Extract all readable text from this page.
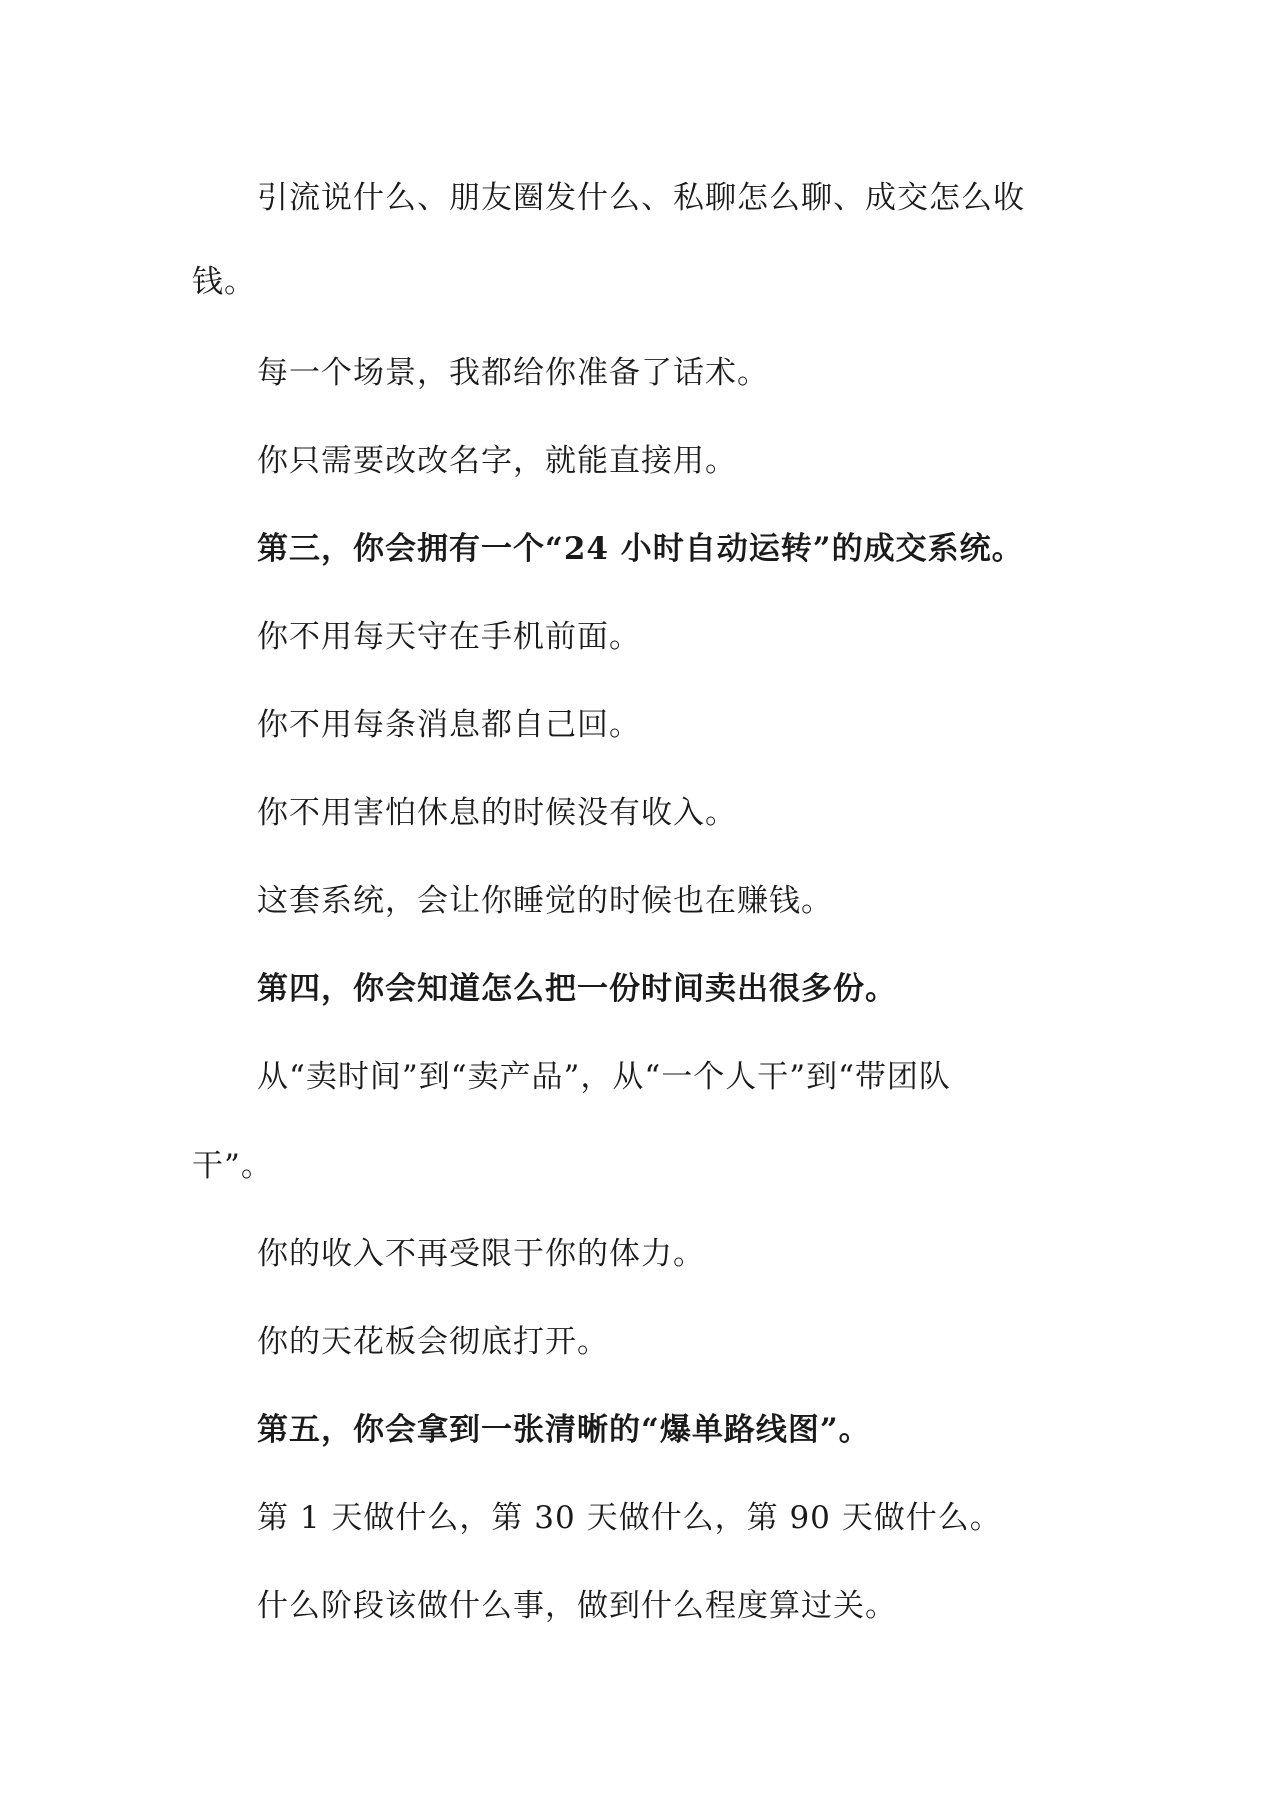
引流说什么、朋友圈发什么、私聊怎么聊、成交怎么收
钱。
每一个场景，我都给你准备了话术。
你只需要改改名字，就能直接用。
第三，你会拥有一个“24 小时自动运转”的成交系统。
你不用每天守在手机前面。
你不用每条消息都自己回。
你不用害怕休息的时候没有收入。
这套系统，会让你睡觉的时候也在赚钱。
第四，你会知道怎么把一份时间卖出很多份。
从“卖时间”到“卖产品”，从“一个人干”到“带团队
干”。
你的收入不再受限于你的体力。
你的天花板会彻底打开。
第五，你会拿到一张清晰的“爆单路线图”。
第 1 天做什么，第 30 天做什么，第 90 天做什么。
什么阶段该做什么事，做到什么程度算过关。
